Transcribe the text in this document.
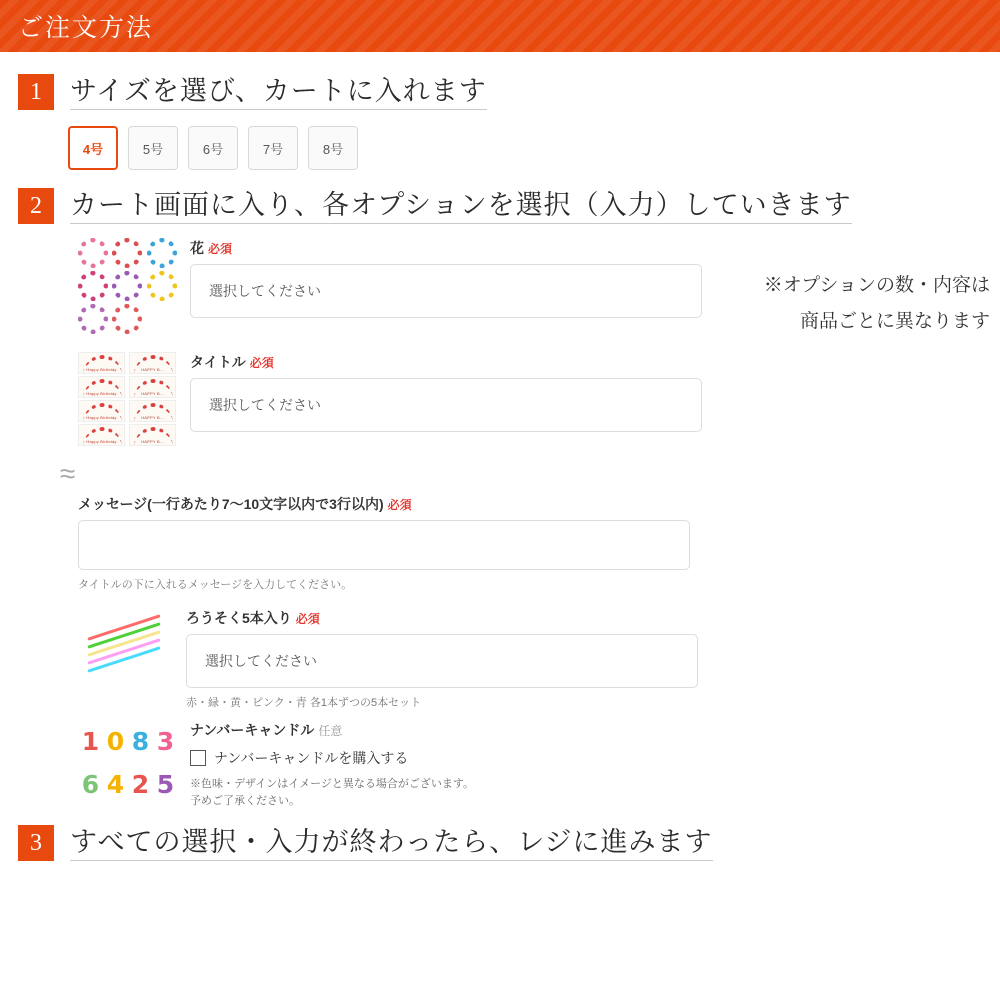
ご注文方法
1	サイズを選び、カートに入れます
4号	5号	6号	7号	8号
2	カート画面に入り、各オプションを選択（入力）していきます
※オプションの数・内容は
商品ごとに異なります
花 必須
選択してください
Happy Birthday	HAPPY B...
Happy Birthday	HAPPY B...
Happy Birthday	HAPPY B...
Happy Birthday	HAPPY B...
タイトル 必須
選択してください
≈
メッセージ(一行あたり7〜10文字以内で3行以内) 必須
タイトルの下に入れるメッセージを入力してください。
ろうそく5本入り 必須
選択してください
赤・緑・黄・ピンク・青 各1本ずつの5本セット
1 0 8 3
6 4 2 5
ナンバーキャンドル 任意
ナンバーキャンドルを購入する
※色味・デザインはイメージと異なる場合がございます。
予めご了承ください。
3	すべての選択・入力が終わったら、レジに進みます
